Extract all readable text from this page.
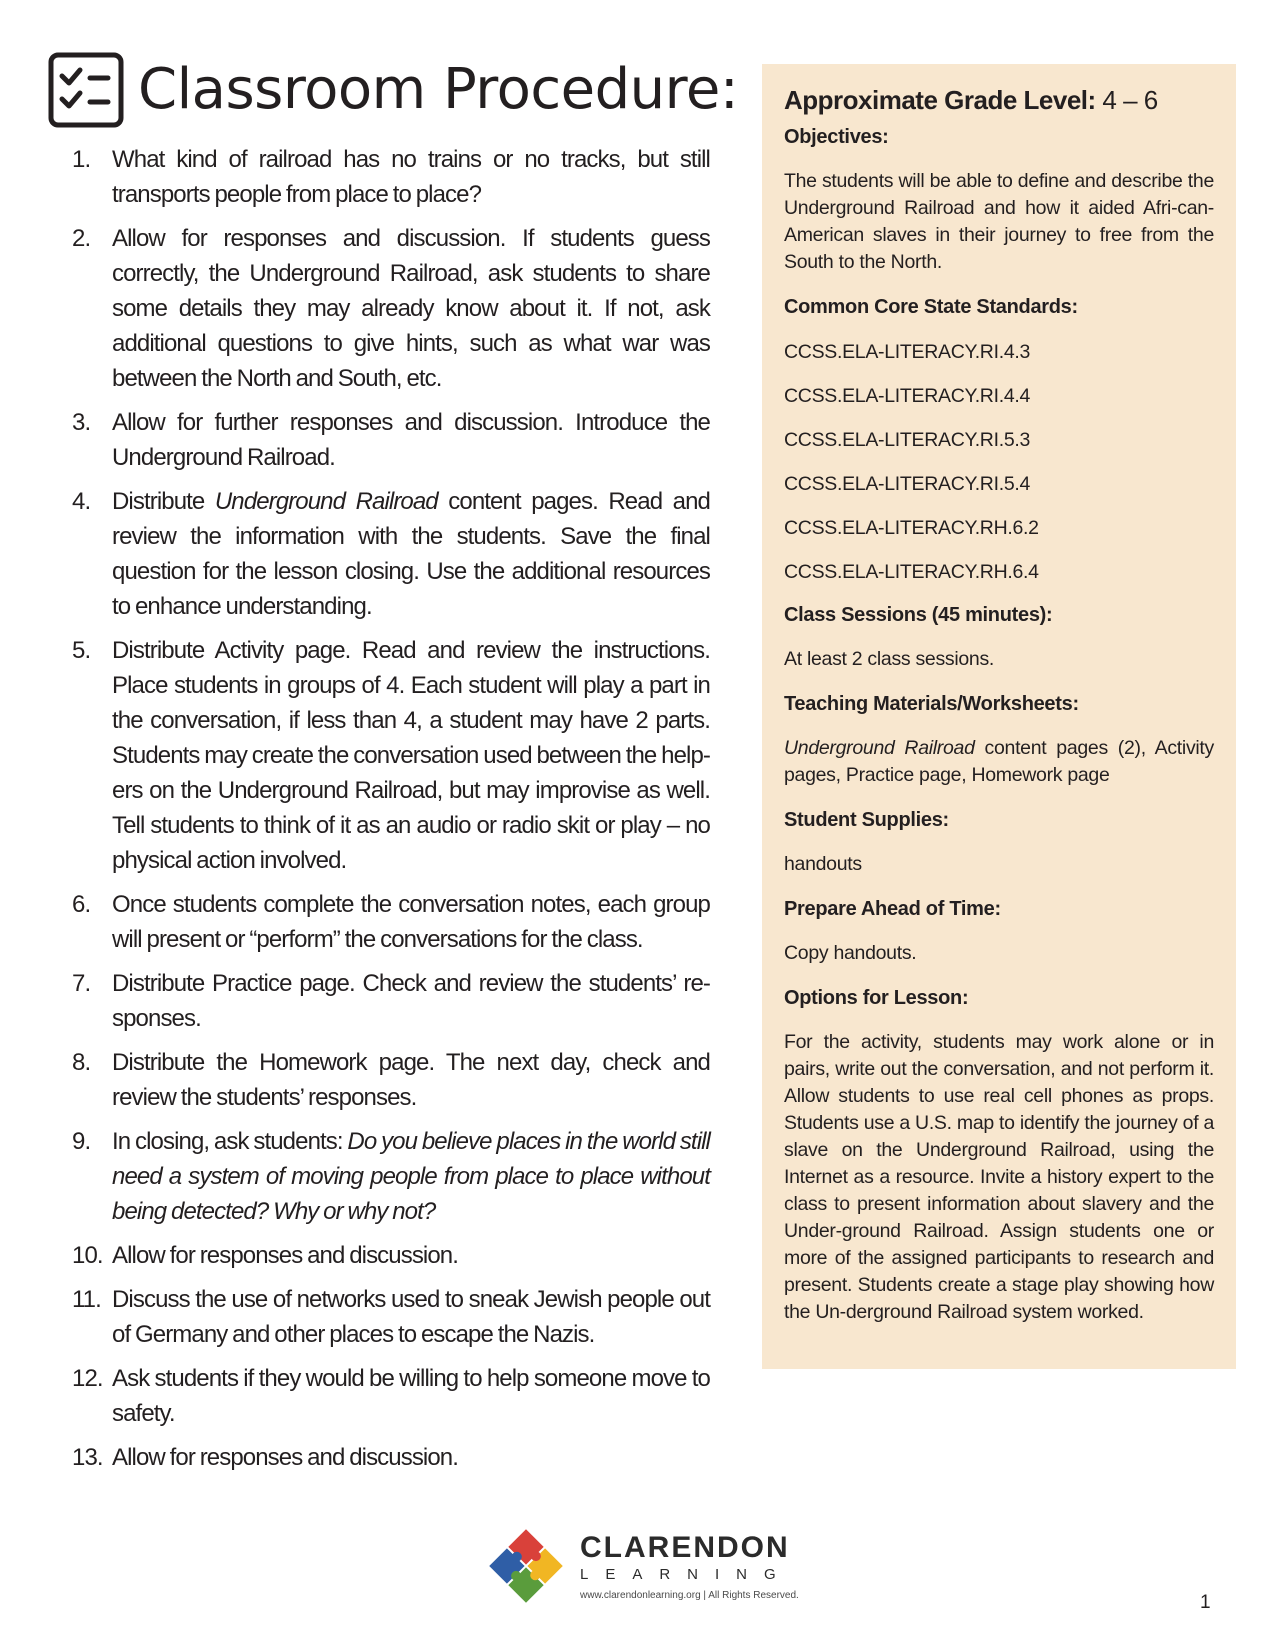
Classroom Procedure:
1. What kind of railroad has no trains or no tracks, but still transports people from place to place?
2. Allow for responses and discussion. If students guess correctly, the Underground Railroad, ask students to share some details they may already know about it. If not, ask additional questions to give hints, such as what war was between the North and South, etc.
3. Allow for further responses and discussion. Introduce the Underground Railroad.
4. Distribute Underground Railroad content pages. Read and review the information with the students. Save the final question for the lesson closing. Use the additional resources to enhance understanding.
5. Distribute Activity page. Read and review the instructions. Place students in groups of 4. Each student will play a part in the conversation, if less than 4, a student may have 2 parts. Students may create the conversation used between the help-ers on the Underground Railroad, but may improvise as well. Tell students to think of it as an audio or radio skit or play – no physical action involved.
6. Once students complete the conversation notes, each group will present or “perform” the conversations for the class.
7. Distribute Practice page. Check and review the students’ re-sponses.
8. Distribute the Homework page. The next day, check and review the students’ responses.
9. In closing, ask students: Do you believe places in the world still need a system of moving people from place to place without being detected? Why or why not?
10. Allow for responses and discussion.
11. Discuss the use of networks used to sneak Jewish people out of Germany and other places to escape the Nazis.
12. Ask students if they would be willing to help someone move to safety.
13. Allow for responses and discussion.

Approximate Grade Level: 4 – 6

Objectives:

The students will be able to define and describe the Underground Railroad and how it aided Afri-can-American slaves in their journey to free from the South to the North.

Common Core State Standards:

CCSS.ELA-LITERACY.RI.4.3

CCSS.ELA-LITERACY.RI.4.4

CCSS.ELA-LITERACY.RI.5.3

CCSS.ELA-LITERACY.RI.5.4

CCSS.ELA-LITERACY.RH.6.2

CCSS.ELA-LITERACY.RH.6.4

Class Sessions (45 minutes):

At least 2 class sessions.

Teaching Materials/Worksheets:

Underground Railroad content pages (2), Activity pages, Practice page, Homework page

Student Supplies:

handouts

Prepare Ahead of Time:

Copy handouts.

Options for Lesson:

For the activity, students may work alone or in pairs, write out the conversation, and not perform it. Allow students to use real cell phones as props. Students use a U.S. map to identify the journey of a slave on the Underground Railroad, using the Internet as a resource. Invite a history expert to the class to present information about slavery and the Under-ground Railroad. Assign students one or more of the assigned participants to research and present. Students create a stage play showing how the Un-derground Railroad system worked.

CLARENDON
LEARNING
www.clarendonlearning.org | All Rights Reserved.	1
